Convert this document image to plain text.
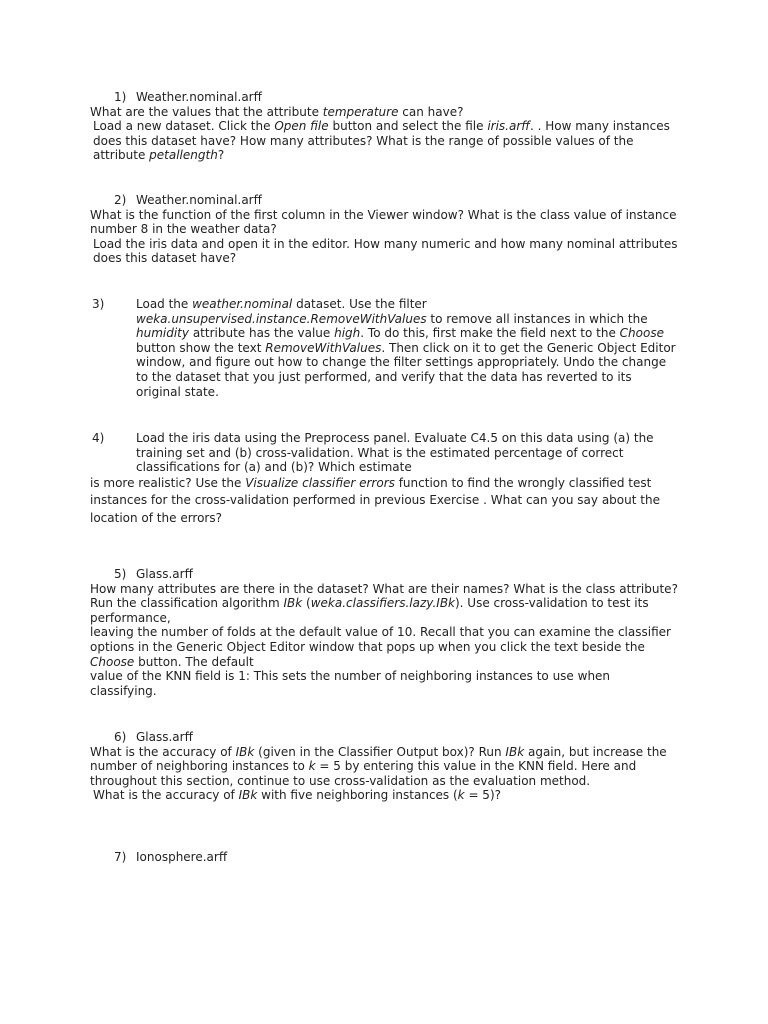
1) Weather.nominal.arff

What are the values that the attribute temperature can have?

Load a new dataset. Click the Open file button and select the file iris.arff. . How many instances does this dataset have? How many attributes? What is the range of possible values of the attribute petallength?

2) Weather.nominal.arff

What is the function of the first column in the Viewer window? What is the class value of instance number 8 in the weather data?

Load the iris data and open it in the editor. How many numeric and how many nominal attributes does this dataset have?

3)	Load the weather.nominal dataset. Use the filter weka.unsupervised.instance.RemoveWithValues to remove all instances in which the humidity attribute has the value high. To do this, first make the field next to the Choose button show the text RemoveWithValues. Then click on it to get the Generic Object Editor window, and figure out how to change the filter settings appropriately. Undo the change to the dataset that you just performed, and verify that the data has reverted to its original state.

4)	Load the iris data using the Preprocess panel. Evaluate C4.5 on this data using (a) the training set and (b) cross-validation. What is the estimated percentage of correct classifications for (a) and (b)? Which estimate

is more realistic? Use the Visualize classifier errors function to find the wrongly classified test instances for the cross-validation performed in previous Exercise . What can you say about the location of the errors?

5) Glass.arff

How many attributes are there in the dataset? What are their names? What is the class attribute? Run the classification algorithm IBk (weka.classifiers.lazy.IBk). Use cross-validation to test its performance,

leaving the number of folds at the default value of 10. Recall that you can examine the classifier options in the Generic Object Editor window that pops up when you click the text beside the Choose button. The default

value of the KNN field is 1: This sets the number of neighboring instances to use when classifying.

6) Glass.arff

What is the accuracy of IBk (given in the Classifier Output box)? Run IBk again, but increase the number of neighboring instances to k = 5 by entering this value in the KNN field. Here and throughout this section, continue to use cross-validation as the evaluation method.

What is the accuracy of IBk with five neighboring instances (k = 5)?

7) Ionosphere.arff
